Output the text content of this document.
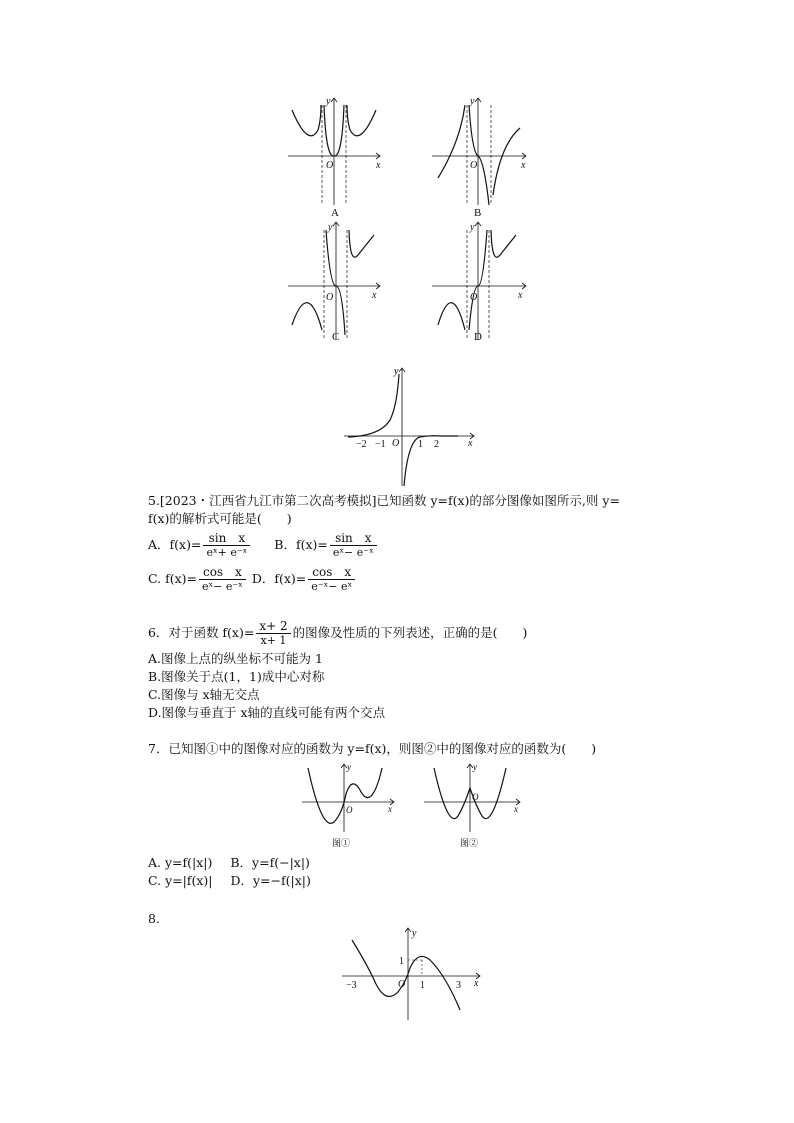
x
y
O
A
x
y
O
B
x
y
O
C
x
y
O
D
x
y
O
−2 −1	1 2
5.[2023・江西省九江市第二次高考模拟]已知函数 y=f(x)的部分图像如图所示,则 y=
f(x)的解析式可能是(　　)
A．$f(x)= \frac{\text{sin　x}}{\text{eˣ+ e⁻ˣ}}$ B．$f(x)= \frac{\text{sin　x}}{\text{eˣ− e⁻ˣ}}$
C. $f(x)= \frac{\text{cos　x}}{\text{eˣ− e⁻ˣ}}$ D．$f(x)= \frac{\text{cos　x}}{\text{e⁻ˣ− eˣ}}$
6．对于函数 $f(x)= \frac{x+ 2}{x+ 1}$ 的图像及性质的下列表述，正确的是(　　)
A.图像上点的纵坐标不可能为 1
B.图像关于点(1，1)成中心对称
C.图像与 x轴无交点
D.图像与垂直于 x轴的直线可能有两个交点
7．已知图①中的图像对应的函数为 y=f(x)，则图②中的图像对应的函数为(　　)
x
y
O
图①
x
y
O
图②
A. y=f(|x|) B．y=f(−|x|)
C. y=|f(x)| D．y=−f(|x|)
8.
x
y
O
−3	1	3
1
